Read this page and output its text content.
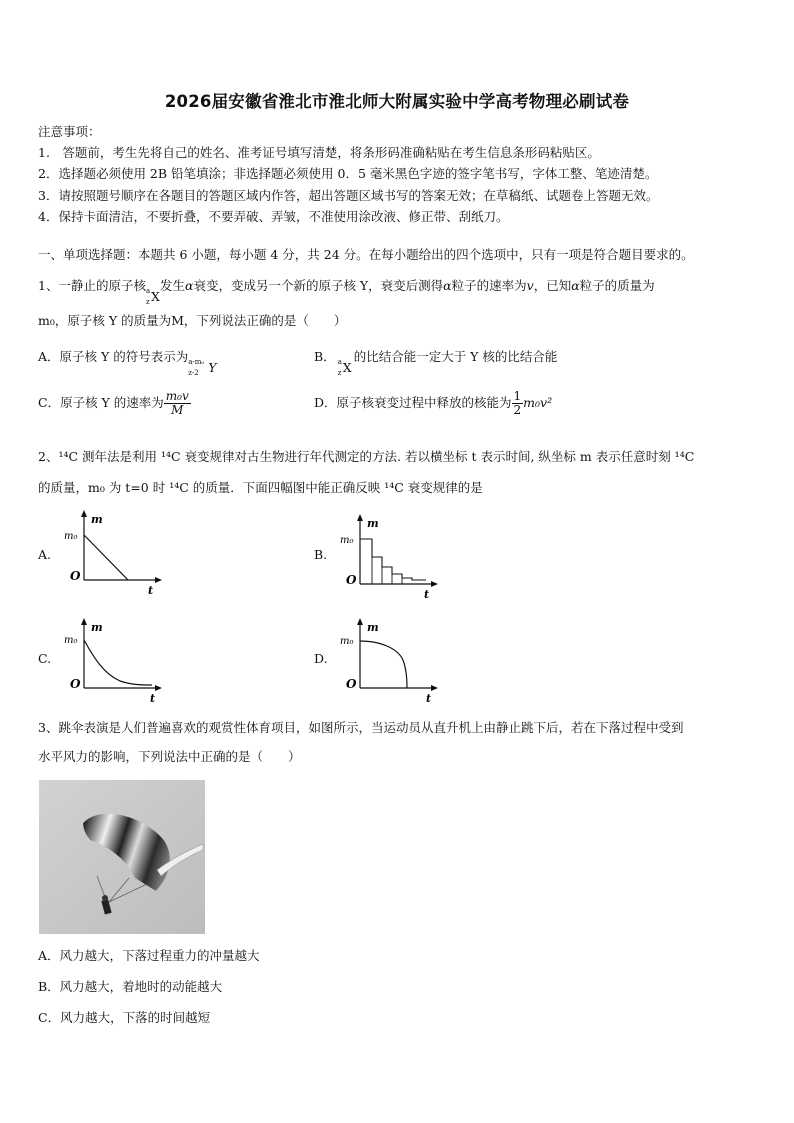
2026届安徽省淮北市淮北师大附属实验中学高考物理必刷试卷
注意事项：
1.　答题前，考生先将自己的姓名、准考证号填写清楚，将条形码准确粘贴在考生信息条形码粘贴区。
2．选择题必须使用 2B 铅笔填涂；非选择题必须使用 0．5 毫米黑色字迹的签字笔书写，字体工整、笔迹清楚。
3．请按照题号顺序在各题目的答题区域内作答，超出答题区域书写的答案无效；在草稿纸、试题卷上答题无效。
4．保持卡面清洁，不要折叠，不要弄破、弄皱，不准使用涂改液、修正带、刮纸刀。
一、单项选择题：本题共 6 小题，每小题 4 分，共 24 分。在每小题给出的四个选项中，只有一项是符合题目要求的。
1、一静止的原子核 a
z X
发生α衰变，变成另一个新的原子核 Y，衰变后测得α粒子的速率为v，已知α粒子的质量为
m₀，原子核 Y 的质量为M，下列说法正确的是（　　）
A．原子核 Y 的符号表示为 a-m₀
z-2 Y
B． a
z X
的比结合能一定大于 Y 核的比结合能
C．原子核 Y 的速率为 $\frac{\text{m₀v}}{M}$	D．原子核衰变过程中释放的核能为 $\frac{1}{2} m_0v^2$
2、¹⁴C 测年法是利用 ¹⁴C 衰变规律对古生物进行年代测定的方法. 若以横坐标 t 表示时间, 纵坐标 m 表示任意时刻 ¹⁴C
的质量，m₀ 为 t=0 时 ¹⁴C 的质量．下面四幅图中能正确反映 ¹⁴C 衰变规律的是
A.
m
m₀
O
t
B.
m
m₀
O
t
C.
m
m₀
O
t
D.
m
m₀
O
t
3、跳伞表演是人们普遍喜欢的观赏性体育项目，如图所示，当运动员从直升机上由静止跳下后，若在下落过程中受到
水平风力的影响，下列说法中正确的是（　　）
A．风力越大，下落过程重力的冲量越大
B．风力越大，着地时的动能越大
C．风力越大，下落的时间越短
